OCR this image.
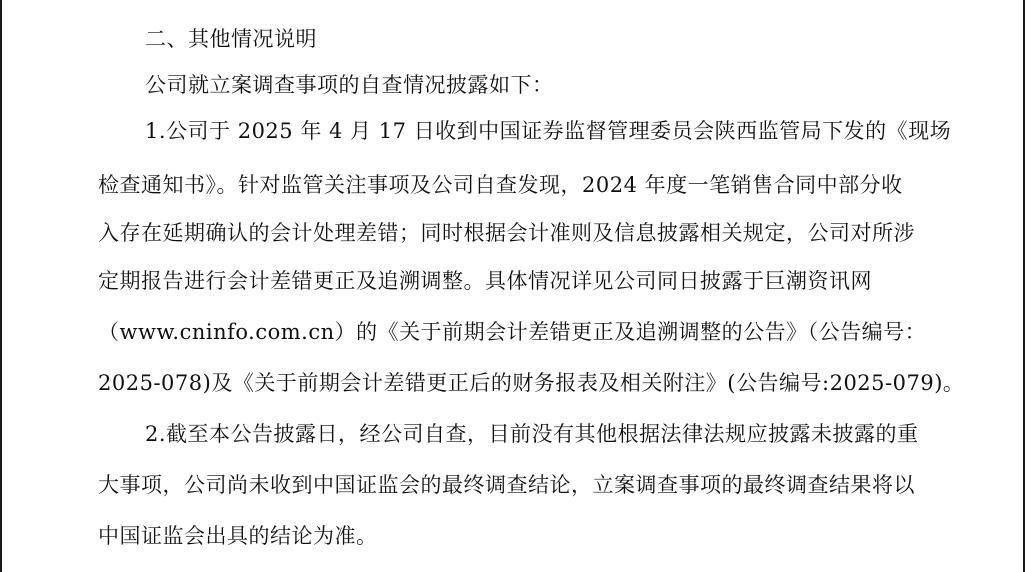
二、其他情况说明
公司就立案调查事项的自查情况披露如下：
1.公司于 2025 年 4 月 17 日收到中国证券监督管理委员会陕西监管局下发的《现场
检查通知书》。针对监管关注事项及公司自查发现，2024 年度一笔销售合同中部分收
入存在延期确认的会计处理差错；同时根据会计准则及信息披露相关规定，公司对所涉
定期报告进行会计差错更正及追溯调整。具体情况详见公司同日披露于巨潮资讯网
（www.cninfo.com.cn）的《关于前期会计差错更正及追溯调整的公告》（公告编号：
2025-078)及《关于前期会计差错更正后的财务报表及相关附注》(公告编号:2025-079)。
2.截至本公告披露日，经公司自查，目前没有其他根据法律法规应披露未披露的重
大事项，公司尚未收到中国证监会的最终调查结论，立案调查事项的最终调查结果将以
中国证监会出具的结论为准。
